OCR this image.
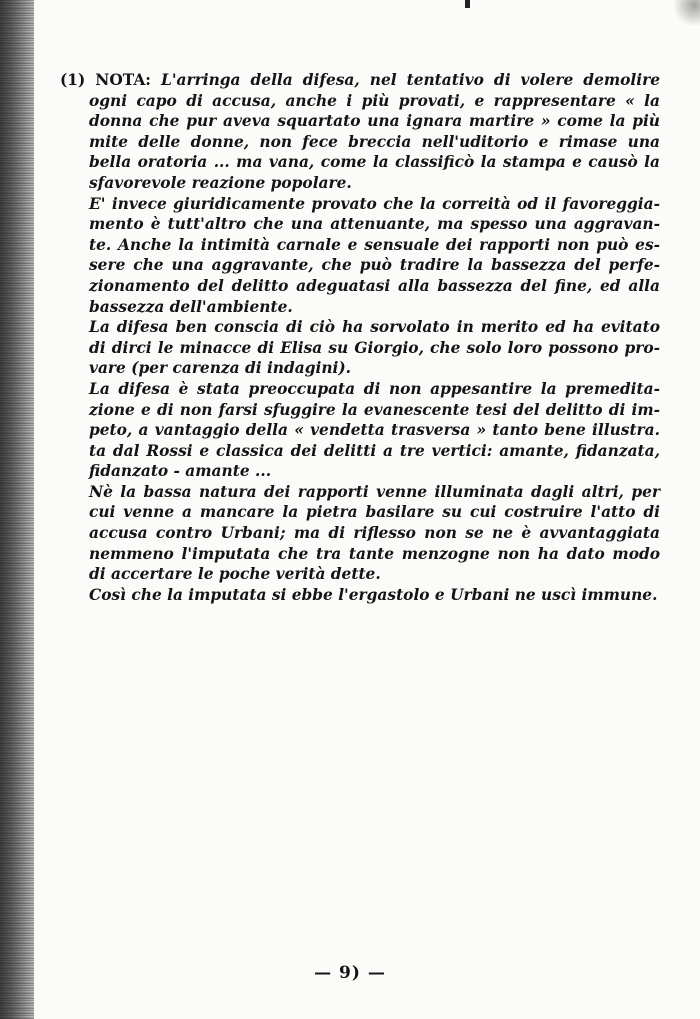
(1) NOTA: L'arringa della difesa, nel tentativo di volere demolire
ogni capo di accusa, anche i più provati, e rappresentare « la
donna che pur aveva squartato una ignara martire » come la più
mite delle donne, non fece breccia nell'uditorio e rimase una
bella oratoria ... ma vana, come la classificò la stampa e causò la
sfavorevole reazione popolare.
E' invece giuridicamente provato che la correità od il favoreggia-
mento è tutt'altro che una attenuante, ma spesso una aggravan-
te. Anche la intimità carnale e sensuale dei rapporti non può es-
sere che una aggravante, che può tradire la bassezza del perfe-
zionamento del delitto adeguatasi alla bassezza del fine, ed alla
bassezza dell'ambiente.
La difesa ben conscia di ciò ha sorvolato in merito ed ha evitato
di dirci le minacce di Elisa su Giorgio, che solo loro possono pro-
vare (per carenza di indagini).
La difesa è stata preoccupata di non appesantire la premedita-
zione e di non farsi sfuggire la evanescente tesi del delitto di im-
peto, a vantaggio della « vendetta trasversa » tanto bene illustra.
ta dal Rossi e classica dei delitti a tre vertici: amante, fidanzata,
fidanzato - amante ...
Nè la bassa natura dei rapporti venne illuminata dagli altri, per
cui venne a mancare la pietra basilare su cui costruire l'atto di
accusa contro Urbani; ma di riflesso non se ne è avvantaggiata
nemmeno l'imputata che tra tante menzogne non ha dato modo
di accertare le poche verità dette.
Così che la imputata si ebbe l'ergastolo e Urbani ne uscì immune.
— 9) —
